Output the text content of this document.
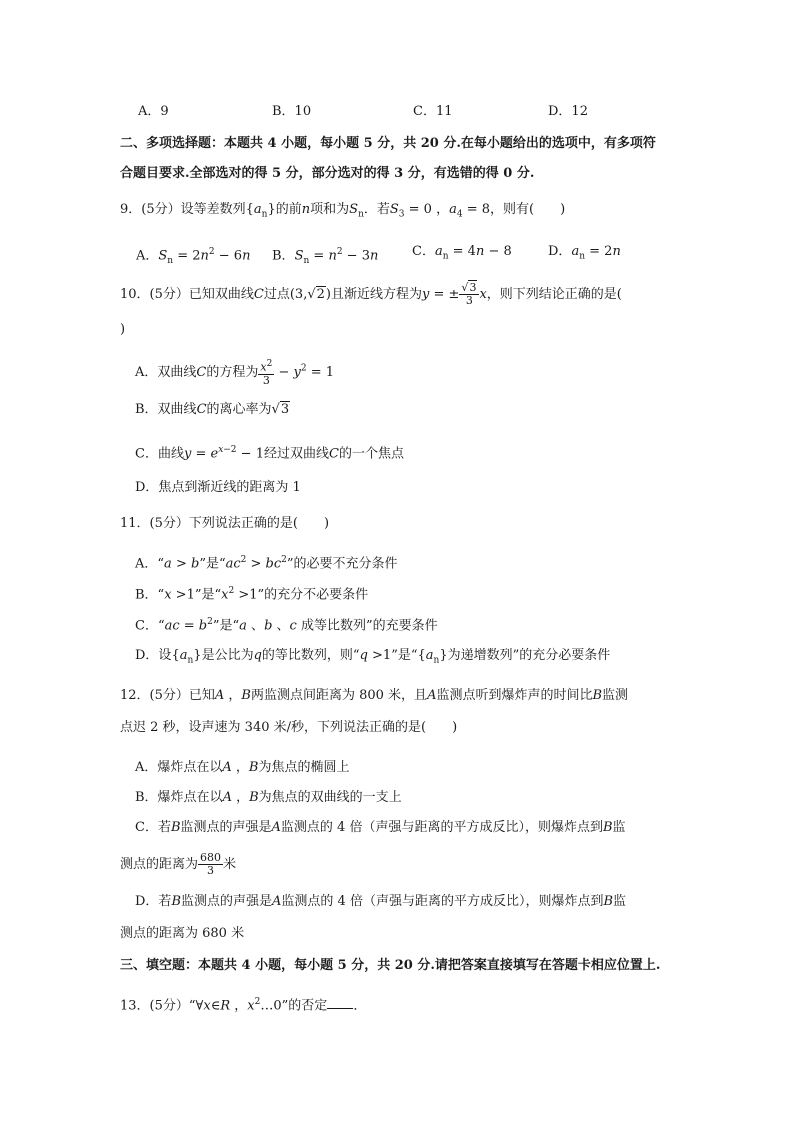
A．9	B．10	C．11	D．12
二、多项选择题：本题共 4 小题，每小题 5 分，共 20 分.在每小题给出的选项中，有多项符
合题目要求.全部选对的得 5 分，部分选对的得 3 分，有选错的得 0 分.
9．(5分）设等差数列$\{a_n\}$的前n项和为$S_n$．若$S_3 = 0$ ，$a_4 = 8$，则有(　　)
A．$S_n = 2n^2 - 6n$ B．$S_n = n^2 - 3n$	C．$a_n = 4n - 8$	D．$a_n = 2n$
10．(5分）已知双曲线C过点(3,√2)且渐近线方程为y = ± $\frac{√3}{3}$ x，则下列结论正确的是(
)
A．双曲线C的方程为 $\frac{x^2}{3} - y^2 = 1$
B．双曲线C的离心率为√3
C．曲线$y = e^{x-2} - 1$经过双曲线C的一个焦点
D．焦点到渐近线的距离为 1
11．(5分）下列说法正确的是(　　)
A．“a > b”是“$ac^2 > bc^2$”的必要不充分条件
B．“x >1”是“$x^2 >1$”的充分不必要条件
C．“ac = $b^2$”是“a 、b 、c 成等比数列”的充要条件
D．设$\{a_n\}$是公比为q的等比数列，则“q >1”是“$\{a_n\}$为递增数列”的充分必要条件
12．(5分）已知A ，B两监测点间距离为 800 米，且A监测点听到爆炸声的时间比B监测
点迟 2 秒，设声速为 340 米/秒，下列说法正确的是(　　)
A．爆炸点在以A ，B为焦点的椭圆上
B．爆炸点在以A ，B为焦点的双曲线的一支上
C．若B监测点的声强是A监测点的 4 倍（声强与距离的平方成反比），则爆炸点到B监
测点的距离为 $\frac{680}{3}$ 米
D．若B监测点的声强是A监测点的 4 倍（声强与距离的平方成反比），则爆炸点到B监
测点的距离为 680 米
三、填空题：本题共 4 小题，每小题 5 分，共 20 分.请把答案直接填写在答题卡相应位置上.
13．(5分）“∀x∈R ，$x^2\dots 0$”的否定 ．
